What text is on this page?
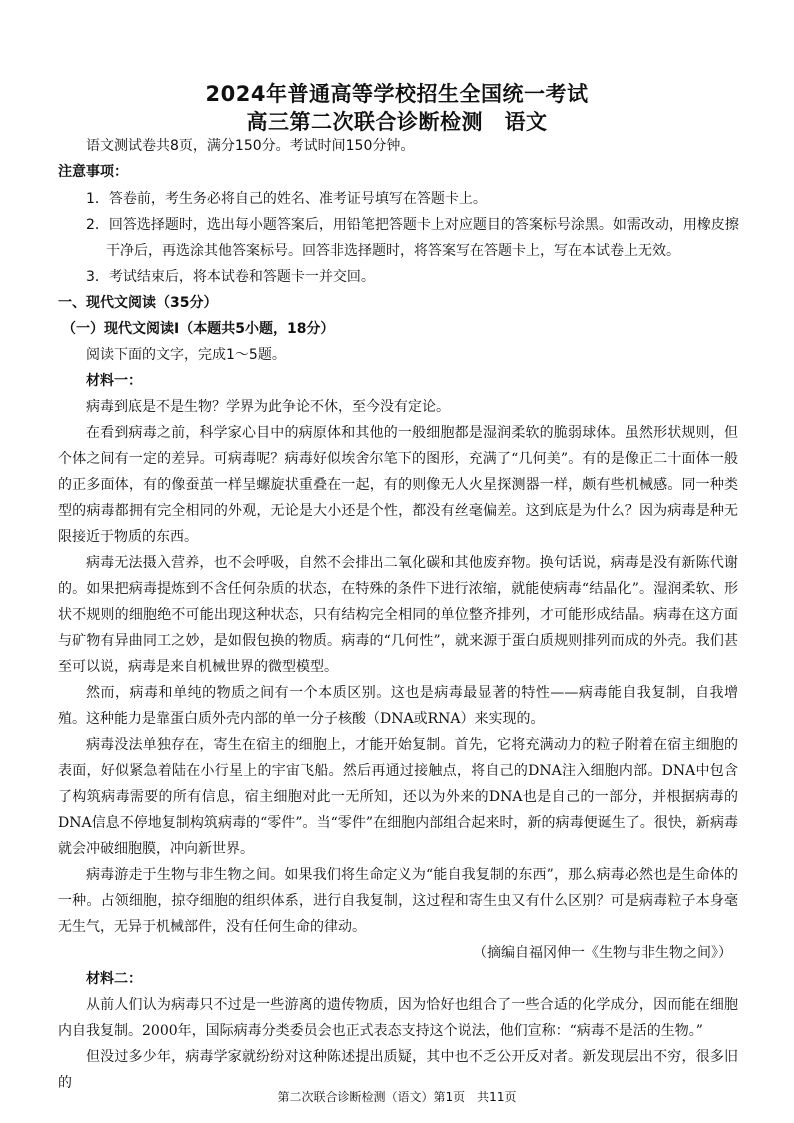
2024年普通高等学校招生全国统一考试
高三第二次联合诊断检测　语文
语文测试卷共8页，满分150分。考试时间150分钟。
注意事项：
1．答卷前，考生务必将自己的姓名、准考证号填写在答题卡上。
2．回答选择题时，选出每小题答案后，用铅笔把答题卡上对应题目的答案标号涂黑。如需改动，用橡皮擦
干净后，再选涂其他答案标号。回答非选择题时，将答案写在答题卡上，写在本试卷上无效。
3．考试结束后，将本试卷和答题卡一并交回。
一、现代文阅读（35分）
（一）现代文阅读Ⅰ（本题共5小题，18分）
阅读下面的文字，完成1～5题。
材料一：
病毒到底是不是生物？学界为此争论不休，至今没有定论。
在看到病毒之前，科学家心目中的病原体和其他的一般细胞都是湿润柔软的脆弱球体。虽然形状规则，但个体之间有一定的差异。可病毒呢？病毒好似埃舍尔笔下的图形，充满了“几何美”。有的是像正二十面体一般的正多面体，有的像蚕茧一样呈螺旋状重叠在一起，有的则像无人火星探测器一样，颇有些机械感。同一种类型的病毒都拥有完全相同的外观，无论是大小还是个性，都没有丝毫偏差。这到底是为什么？因为病毒是种无限接近于物质的东西。
病毒无法摄入营养，也不会呼吸，自然不会排出二氧化碳和其他废弃物。换句话说，病毒是没有新陈代谢的。如果把病毒提炼到不含任何杂质的状态，在特殊的条件下进行浓缩，就能使病毒“结晶化”。湿润柔软、形状不规则的细胞绝不可能出现这种状态，只有结构完全相同的单位整齐排列，才可能形成结晶。病毒在这方面与矿物有异曲同工之妙，是如假包换的物质。病毒的“几何性”，就来源于蛋白质规则排列而成的外壳。我们甚至可以说，病毒是来自机械世界的微型模型。
然而，病毒和单纯的物质之间有一个本质区别。这也是病毒最显著的特性——病毒能自我复制，自我增殖。这种能力是靠蛋白质外壳内部的单一分子核酸（DNA或RNA）来实现的。
病毒没法单独存在，寄生在宿主的细胞上，才能开始复制。首先，它将充满动力的粒子附着在宿主细胞的表面，好似紧急着陆在小行星上的宇宙飞船。然后再通过接触点，将自己的DNA注入细胞内部。DNA中包含了构筑病毒需要的所有信息，宿主细胞对此一无所知，还以为外来的DNA也是自己的一部分，并根据病毒的DNA信息不停地复制构筑病毒的“零件”。当“零件”在细胞内部组合起来时，新的病毒便诞生了。很快，新病毒就会冲破细胞膜，冲向新世界。
病毒游走于生物与非生物之间。如果我们将生命定义为“能自我复制的东西”，那么病毒必然也是生命体的一种。占领细胞，掠夺细胞的组织体系，进行自我复制，这过程和寄生虫又有什么区别？可是病毒粒子本身毫无生气，无异于机械部件，没有任何生命的律动。
（摘编自福冈伸一《生物与非生物之间》）
材料二：
从前人们认为病毒只不过是一些游离的遗传物质，因为恰好也组合了一些合适的化学成分，因而能在细胞内自我复制。2000年，国际病毒分类委员会也正式表态支持这个说法，他们宣称：“病毒不是活的生物。”
但没过多少年，病毒学家就纷纷对这种陈述提出质疑，其中也不乏公开反对者。新发现层出不穷，很多旧的
第二次联合诊断检测（语文）第1页　共11页
